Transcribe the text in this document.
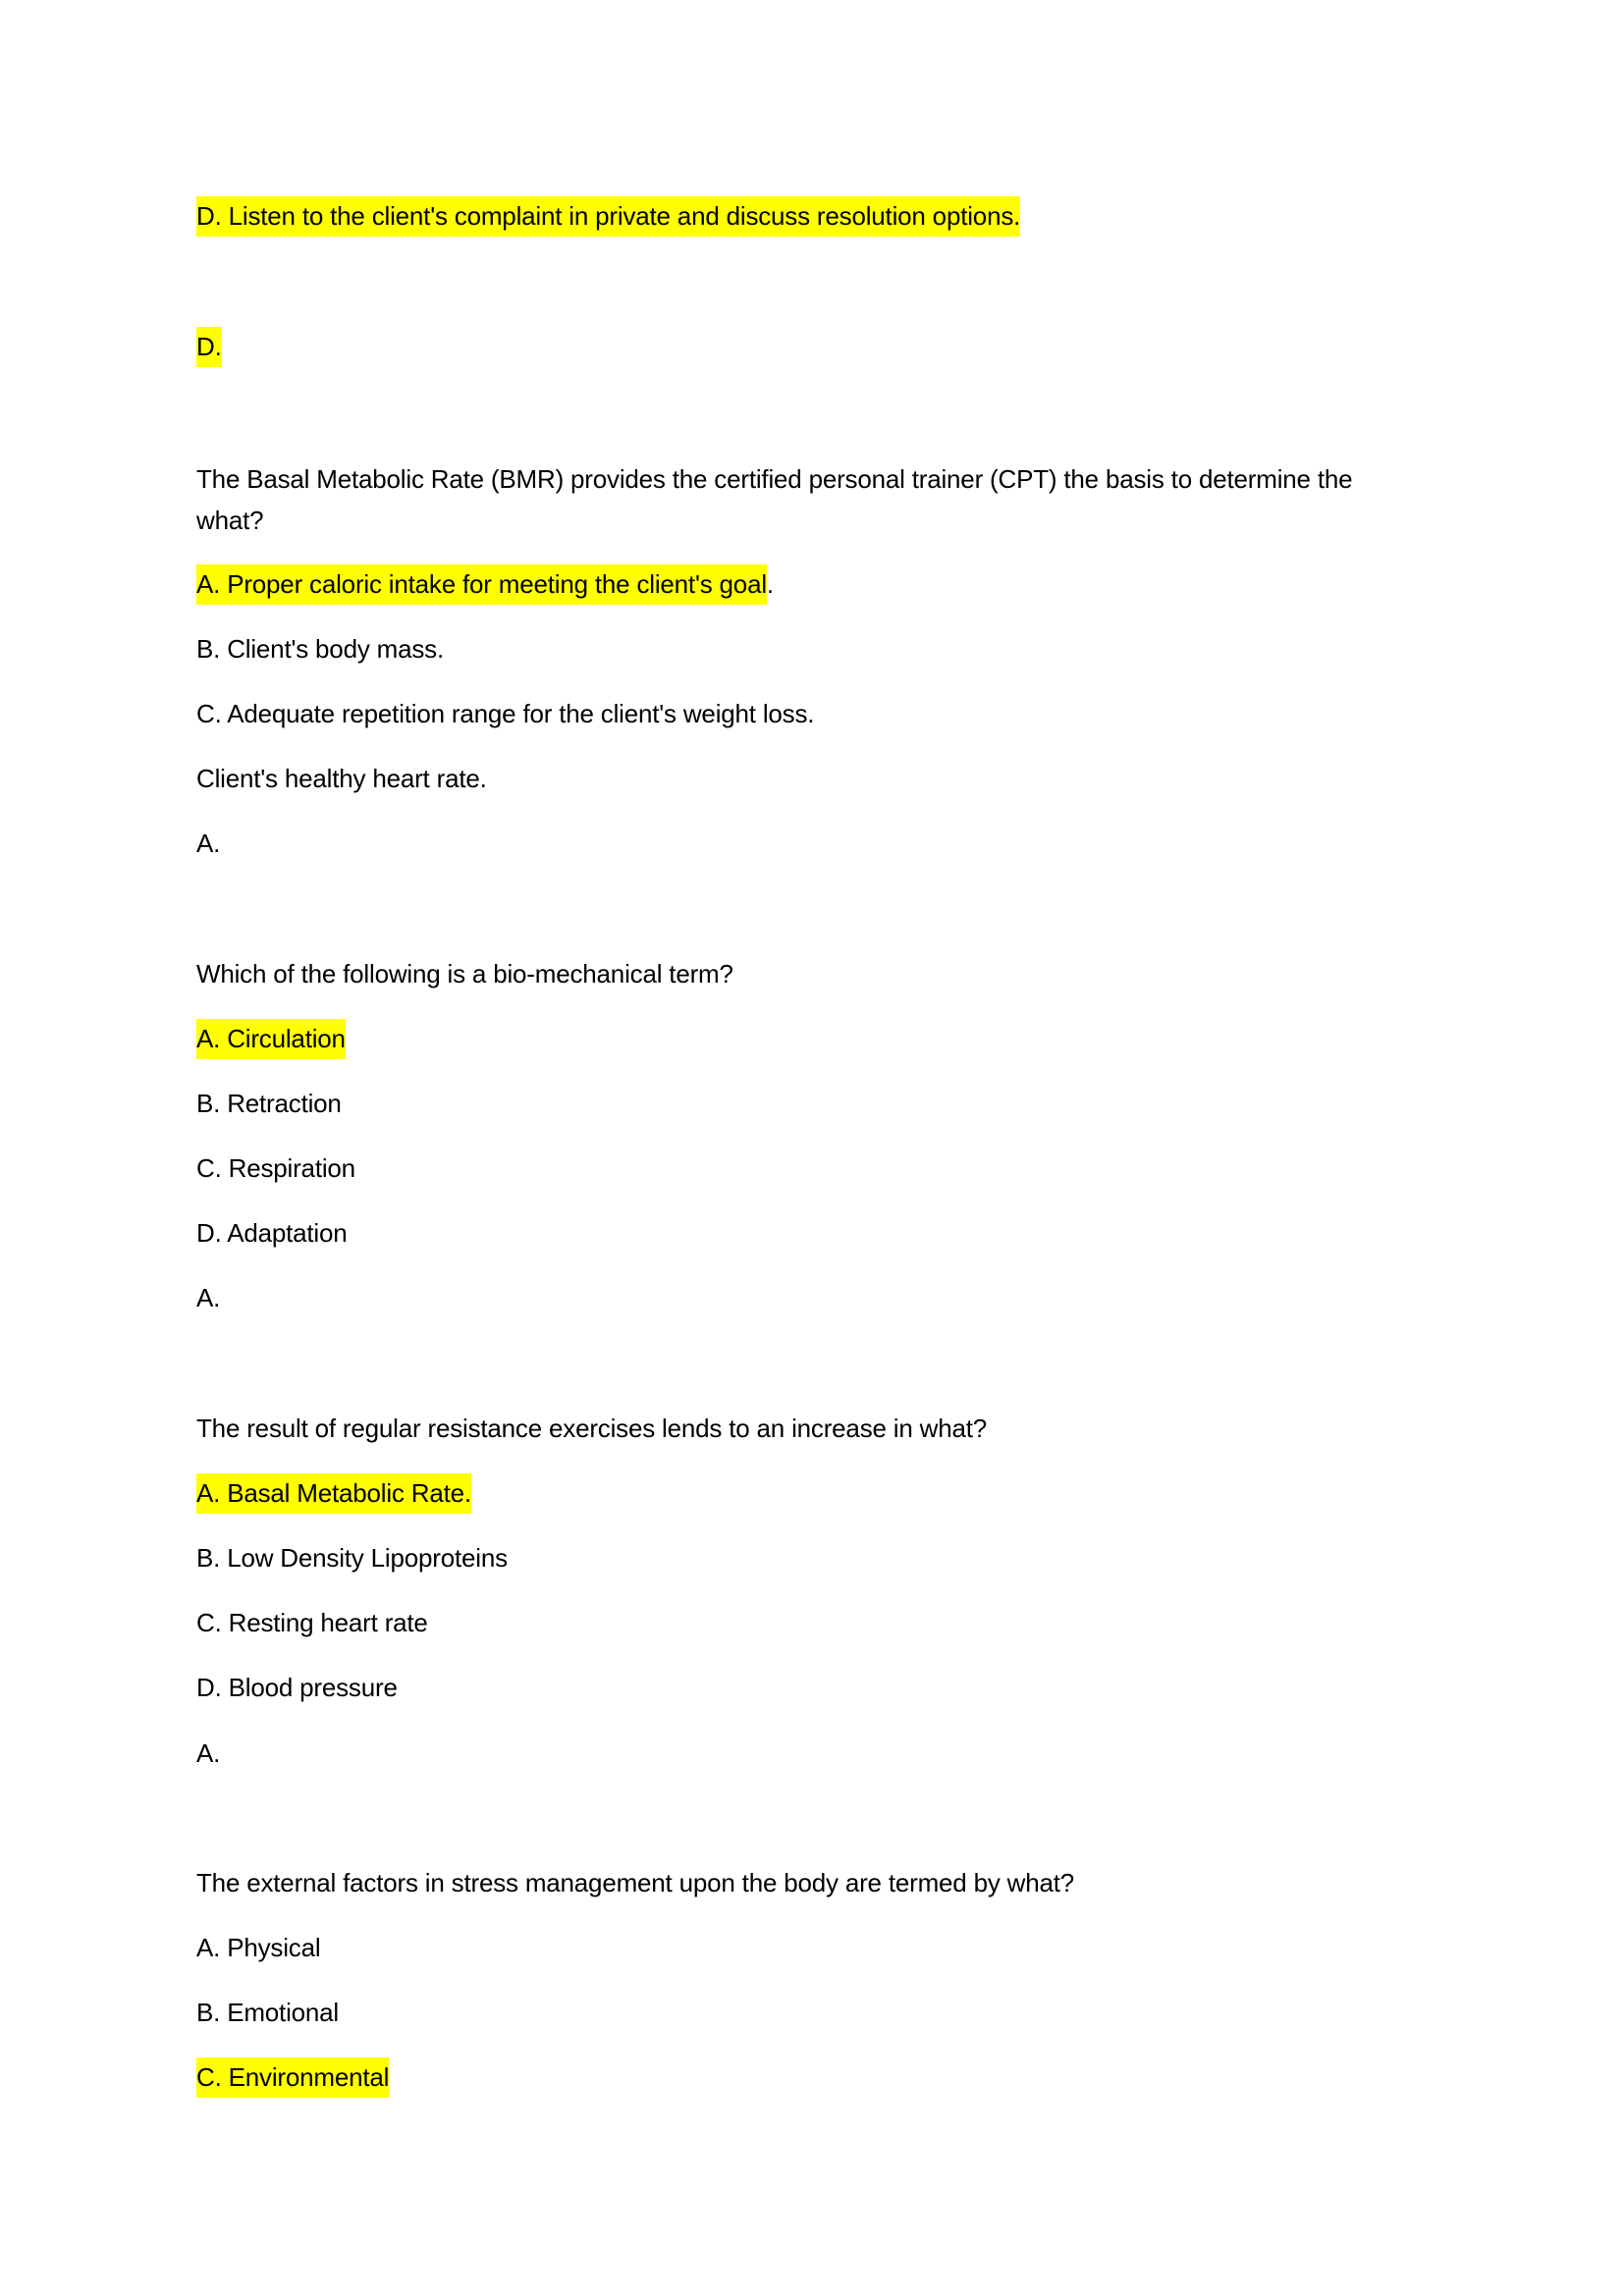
D. Listen to the client's complaint in private and discuss resolution options.

D.

The Basal Metabolic Rate (BMR) provides the certified personal trainer (CPT) the basis to determine the what?

A. Proper caloric intake for meeting the client's goal.

B. Client's body mass.

C. Adequate repetition range for the client's weight loss.

Client's healthy heart rate.

A.

Which of the following is a bio-mechanical term?

A. Circulation

B. Retraction

C. Respiration

D. Adaptation

A.

The result of regular resistance exercises lends to an increase in what?

A. Basal Metabolic Rate.

B. Low Density Lipoproteins

C. Resting heart rate

D. Blood pressure

A.

The external factors in stress management upon the body are termed by what?

A. Physical

B. Emotional

C. Environmental
